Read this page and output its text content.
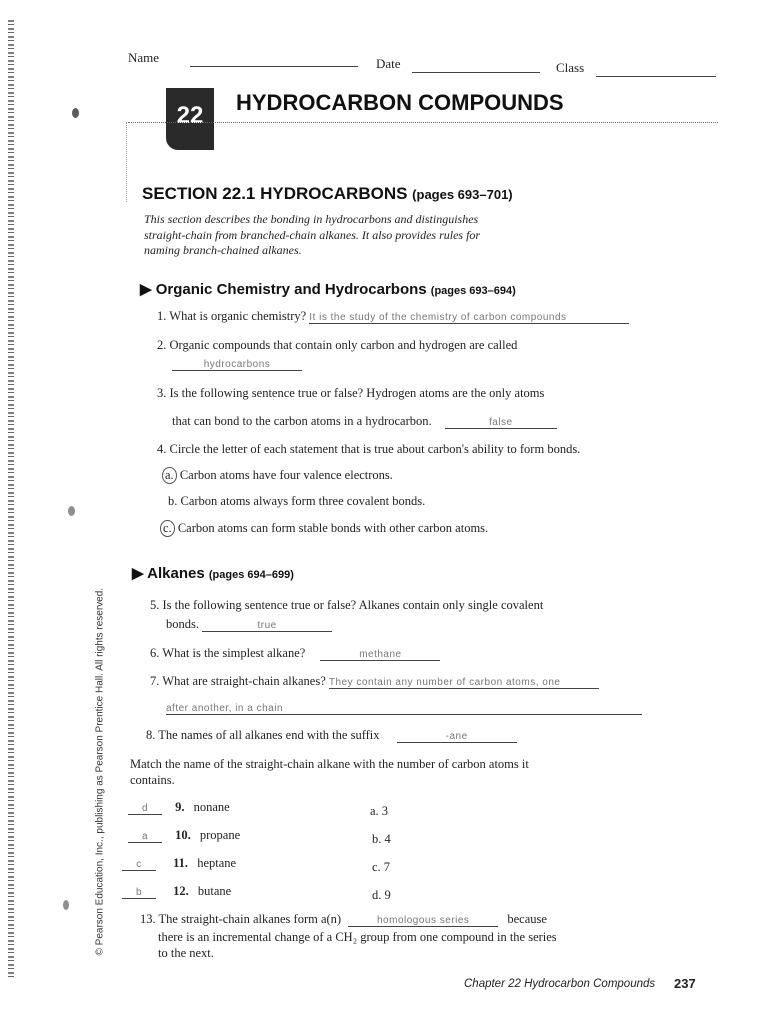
© Pearson Education, Inc., publishing as Pearson Prentice Hall. All rights reserved.
Name	Date	Class
22	HYDROCARBON COMPOUNDS
SECTION 22.1 HYDROCARBONS (pages 693–701)
This section describes the bonding in hydrocarbons and distinguishes
straight-chain from branched-chain alkanes. It also provides rules for
naming branch-chained alkanes.
▶ Organic Chemistry and Hydrocarbons (pages 693–694)
1. What is organic chemistry? It is the study of the chemistry of carbon compounds
2. Organic compounds that contain only carbon and hydrogen are called
hydrocarbons
3. Is the following sentence true or false? Hydrogen atoms are the only atoms
that can bond to the carbon atoms in a hydrocarbon.	false
4. Circle the letter of each statement that is true about carbon's ability to form bonds.
a. Carbon atoms have four valence electrons.
b. Carbon atoms always form three covalent bonds.
c. Carbon atoms can form stable bonds with other carbon atoms.
▶ Alkanes (pages 694–699)
5. Is the following sentence true or false? Alkanes contain only single covalent
bonds.	true
6. What is the simplest alkane?	methane
7. What are straight-chain alkanes? They contain any number of carbon atoms, one
after another, in a chain
8. The names of all alkanes end with the suffix	-ane
Match the name of the straight-chain alkane with the number of carbon atoms it
contains.
d 9. nonane	a. 3
a 10. propane	b. 4
c	11. heptane	c. 7
b 12. butane	d. 9
13. The straight-chain alkanes form a(n)	homologous series	because
there is an incremental change of a CH₂ group from one compound in the series
to the next.
Chapter 22 Hydrocarbon Compounds 237
